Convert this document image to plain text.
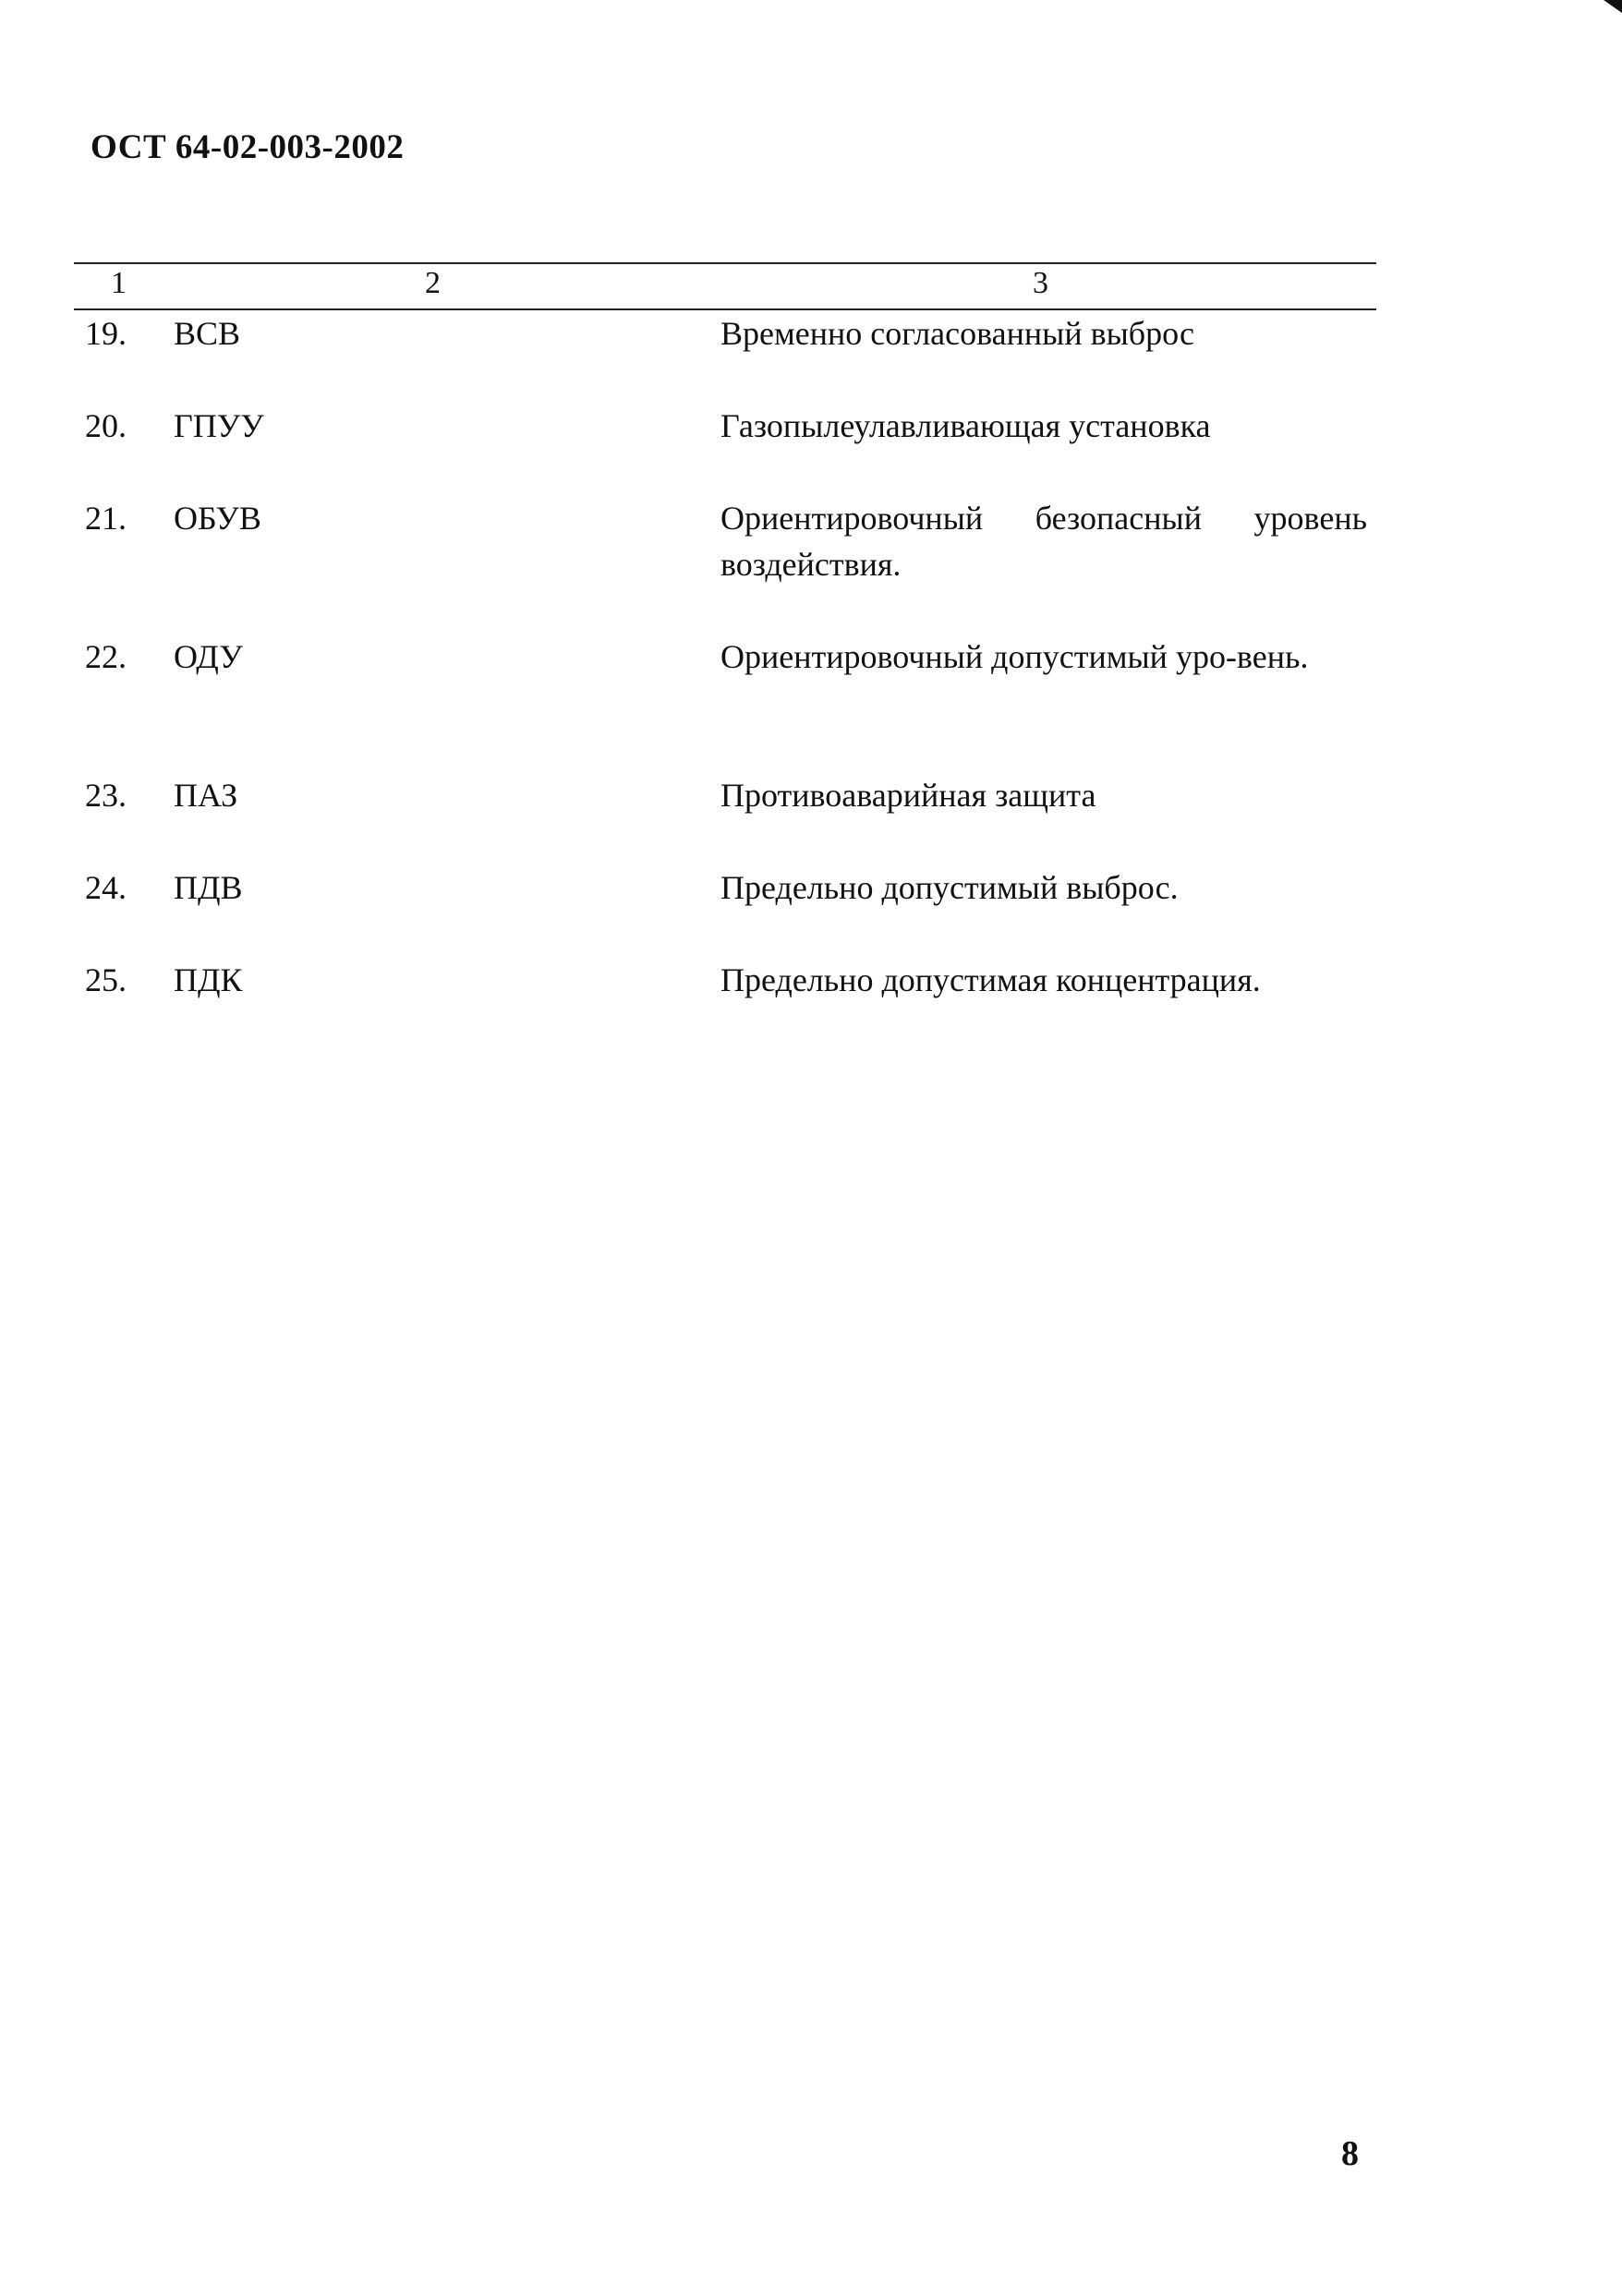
ОСТ 64-02-003-2002
1	2	3
19. ВСВ	Временно согласованный выброс
20. ГПУУ	Газопылеулавливающая установка
21. ОБУВ	Ориентировочный безопасный уровень воздействия.
22. ОДУ	Ориентировочный допустимый уро-вень.
23. ПАЗ	Противоаварийная защита
24. ПДВ	Предельно допустимый выброс.
25. ПДК	Предельно допустимая концентрация.
8
